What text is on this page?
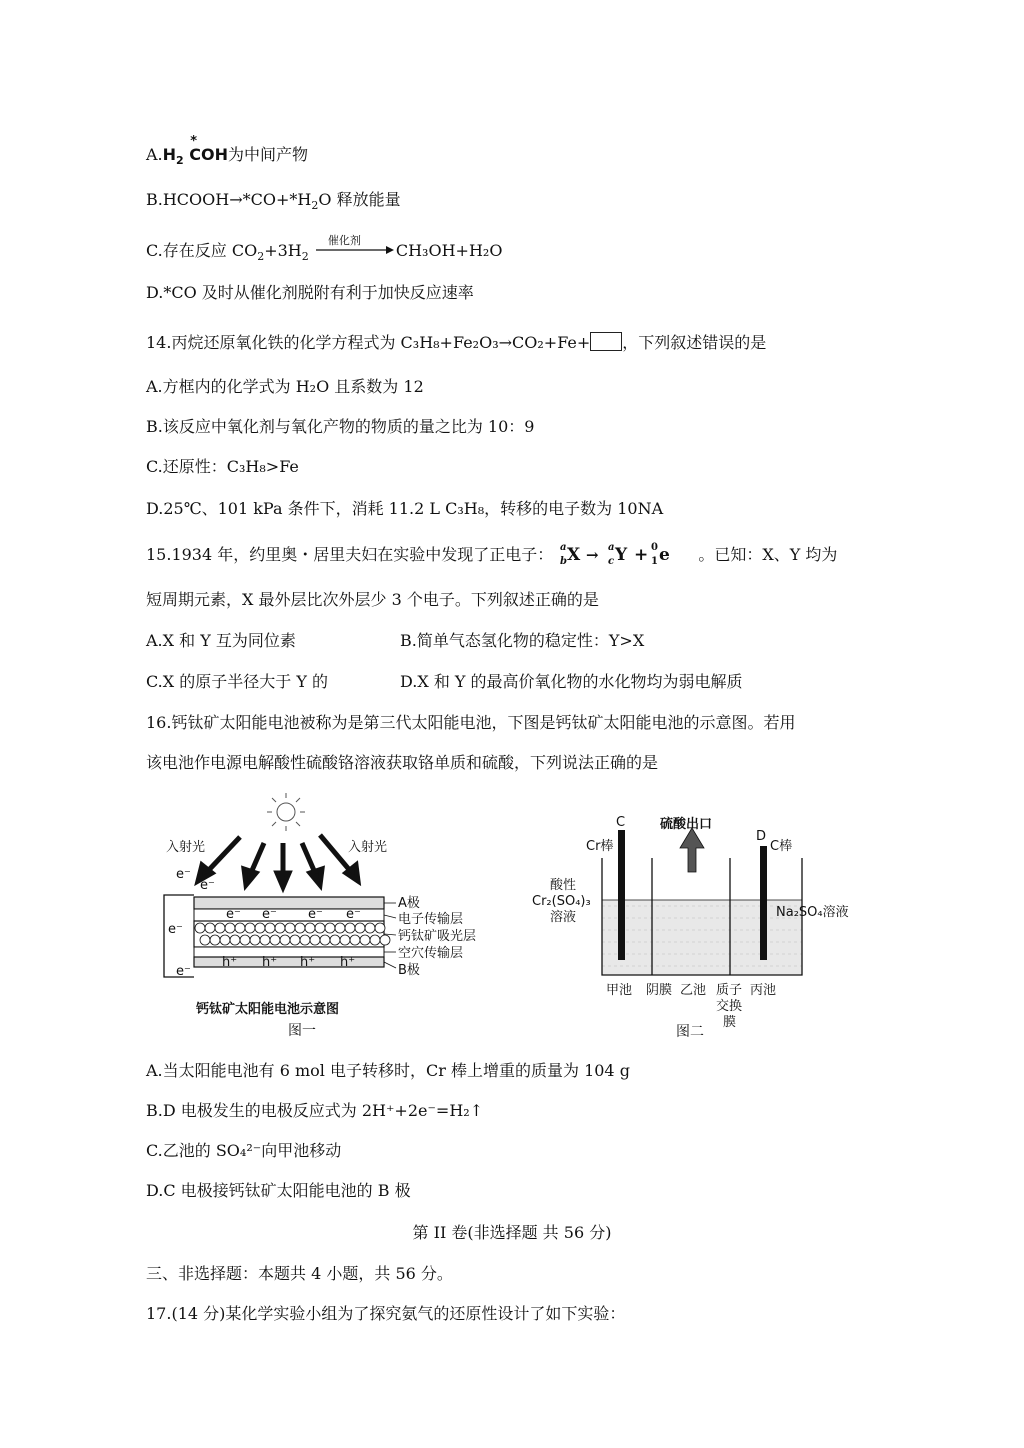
$A.H_2$
*
COH为中间产物
$B.HCOOH\to*CO+*H_2O$ 释放能量
C.存在反应 $CO_2+3H_2$
催化剂
CH₃OH+H₂O
D.*CO 及时从催化剂脱附有利于加快反应速率
14.丙烷还原氧化铁的化学方程式为 C₃H₈+Fe₂O₃→CO₂+Fe+ ，下列叙述错误的是
A.方框内的化学式为 H₂O 且系数为 12
B.该反应中氧化剂与氧化产物的物质的量之比为 10：9
C.还原性：C₃H₈>Fe
D.25℃、101 kPa 条件下，消耗 11.2 L C₃H₈，转移的电子数为 10NA
15.1934 年，约里奥・居里夫妇在实验中发现了正电子： a
b X → a
c Y + 0
1 e 。已知：X、Y 均为
短周期元素，X 最外层比次外层少 3 个电子。下列叙述正确的是
A.X 和 Y 互为同位素	B.简单气态氢化物的稳定性：Y>X
C.X 的原子半径大于 Y 的	D.X 和 Y 的最高价氧化物的水化物均为弱电解质
16.钙钛矿太阳能电池被称为是第三代太阳能电池，下图是钙钛矿太阳能电池的示意图。若用
该电池作电源电解酸性硫酸铬溶液获取铬单质和硫酸，下列说法正确的是
入射光	入射光
e⁻
e⁻
e⁻
e⁻
e⁻ e⁻ e⁻ e⁻
h⁺ h⁺ h⁺ h⁺
A极
电子传输层
钙钛矿吸光层
空穴传输层
B极
钙钛矿太阳能电池示意图
图一
C
D
Cr棒	C棒
硫酸出口
酸性
Cr₂(SO₄)₃
溶液	Na₂SO₄溶液
甲池 阴膜 乙池 质子
交换
膜
丙池
图二
A.当太阳能电池有 6 mol 电子转移时，Cr 棒上增重的质量为 104 g
B.D 电极发生的电极反应式为 2H⁺+2e⁻=H₂↑
C.乙池的 SO₄²⁻向甲池移动
D.C 电极接钙钛矿太阳能电池的 B 极
第 II 卷(非选择题 共 56 分)
三、非选择题：本题共 4 小题，共 56 分。
17.(14 分)某化学实验小组为了探究氨气的还原性设计了如下实验：
